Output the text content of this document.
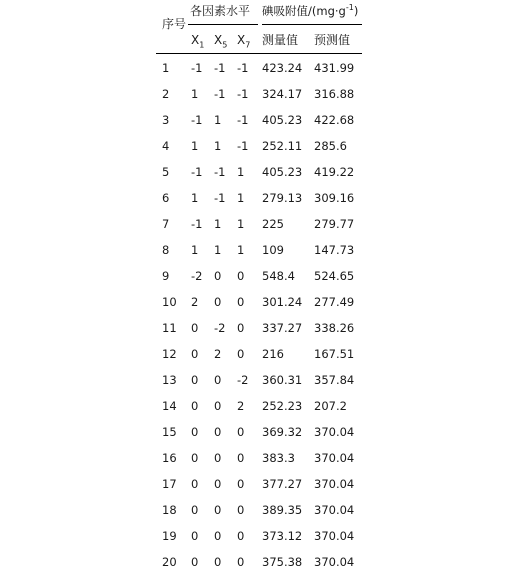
序号
各因素水平
$X_1$ $X_5$ $X_7$
碘吸附值$/(mg\cdot g^{-1})$
测量值 预测值
1 -1 -1 -1 423.24 431.99
2 1 -1 -1 324.17 316.88
3 -1 1 -1 405.23 422.68
4 1 1 -1 252.11 285.6
5 -1 -1 1 405.23 419.22
6 1 -1 1 279.13 309.16
7 -1 1 1 225	279.77
8 1 1 1 109	147.73
9 -2 0 0 548.4 524.65
10 2 0 0 301.24 277.49
11 0 -2 0 337.27 338.26
12 0 2 0 216	167.51
13 0 0 -2 360.31 357.84
14 0 0 2 252.23 207.2
15 0 0 0 369.32 370.04
16 0 0 0 383.3 370.04
17 0 0 0 377.27 370.04
18 0 0 0 389.35 370.04
19 0 0 0 373.12 370.04
20 0 0 0 375.38 370.04
